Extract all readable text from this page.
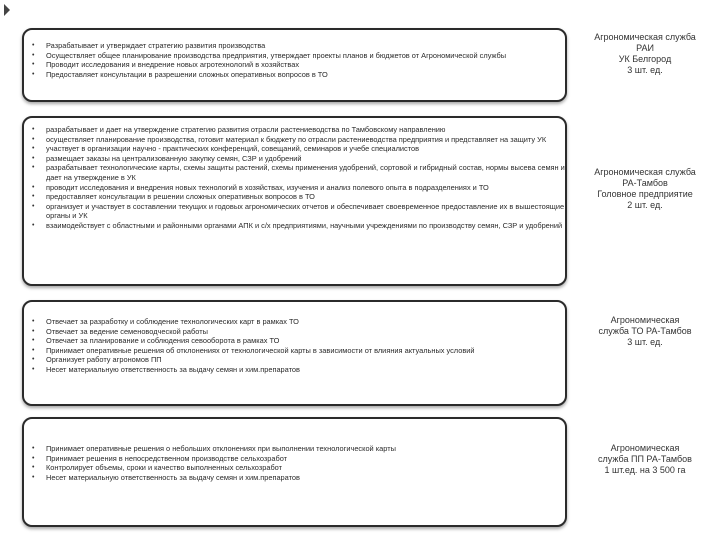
• Разрабатывает и утверждает стратегию развития производства
• Осуществляет общее планирование производства предприятия, утверждает проекты планов и бюджетов от Агрономической службы
• Проводит исследования и внедрение новых агротехнологий в хозяйствах
• Предоставляет консультации в разрешении сложных оперативных вопросов в ТО
Агрономическая служба
РАИ
УК Белгород
3 шт. ед.
• разрабатывает и дает на утверждение стратегию развития отрасли растениеводства по Тамбовскому направлению
• осуществляет планирование производства, готовит материал к бюджету по отрасли растениеводства предприятия и представляет на защиту УК
• участвует в организации научно - практических конференций, совещаний, семинаров и учебе специалистов
• размещает заказы на централизованную закупку семян, СЗР и удобрений
• разрабатывает технологические карты, схемы защиты растений, схемы применения удобрений, сортовой и гибридный состав, нормы высева семян и дает на утверждение в УК
• проводит исследования и внедрения новых технологий в хозяйствах, изучения и анализ полевого опыта в подразделениях и ТО
• предоставляет консультации в решении сложных оперативных вопросов в ТО
• организует и участвует в составлении текущих и годовых агрономических отчетов и обеспечивает своевременное предоставление их в вышестоящие органы и УК
• взаимодействует с областными и районными органами АПК и с/х предприятиями, научными учреждениями по производству семян, СЗР и удобрений
Агрономическая служба
РА-Тамбов
Головное предприятие
2 шт. ед.
• Отвечает за разработку и соблюдение технологических карт в рамках ТО
• Отвечает за ведение семеноводческой работы
• Отвечает за планирование и соблюдения севооборота в рамках ТО
• Принимает оперативные решения об отклонениях от технологической карты в зависимости от влияния актуальных условий
• Организует работу агрономов ПП
• Несет материальную ответственность за выдачу семян и хим.препаратов
Агрономическая
служба ТО РА-Тамбов
3 шт. ед.
• Принимает оперативные решения о небольших отклонениях при выполнении технологической карты
• Принимает решения в непосредственном производстве сельхозработ
• Контролирует объемы, сроки и качество выполненных сельхозработ
• Несет материальную ответственность за выдачу семян и хим.препаратов
Агрономическая
служба ПП РА-Тамбов
1 шт.ед. на 3 500 га
